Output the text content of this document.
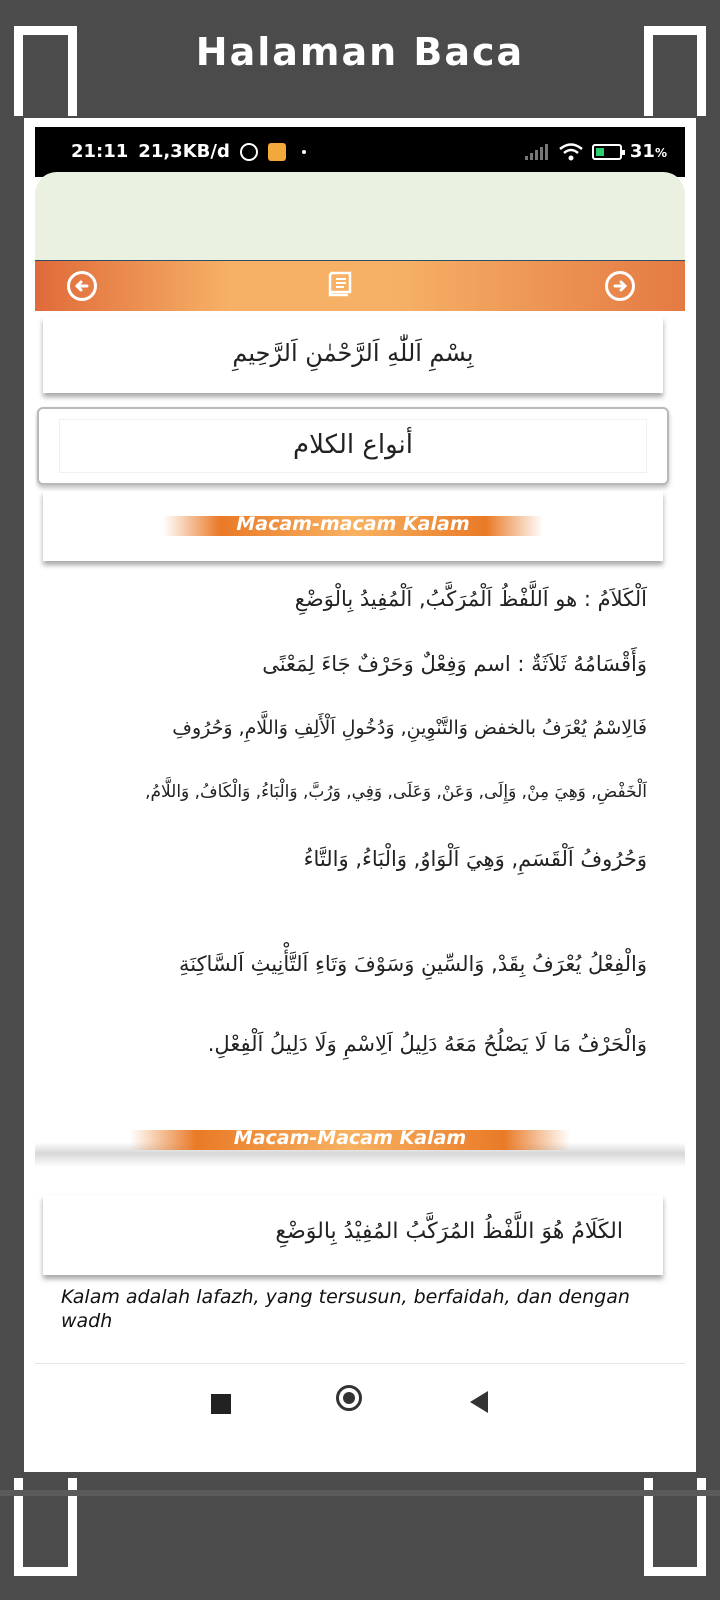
Halaman Baca
21:11 21,3KB/d	31%
بِسْمِ اَللّٰهِ اَلرَّحْمٰنِ اَلرَّحِيمِ
أنواع الكلام
Macam-macam Kalam
اَلْكَلاَمُ : هو اَللَّفْظُ اَلْمُرَكَّبُ, اَلْمُفِيدُ بِالْوَضْعِ
وَأَقْسَامُهُ ثَلاَثَةٌ : اسم وَفِعْلٌ وَحَرْفٌ جَاءَ لِمَعْنًى
فَالِاسْمُ يُعْرَفُ بالخفض وَالتَّنْوِينِ, وَدُخُولِ اَلْأَلِفِ وَاللَّامِ, وَحُرُوفِ
اَلْخَفْضِ, وَهِيَ مِنْ, وَإِلَى, وَعَنْ, وَعَلَى, وَفِي, وَرُبَّ, وَالْبَاءُ, وَالْكَافُ, وَاللَّامُ,
وَحُرُوفُ اَلْقَسَمِ, وَهِيَ اَلْوَاوُ, وَالْبَاءُ, وَالتَّاءُ
وَالْفِعْلُ يُعْرَفُ بِقَدْ, وَالسِّينِ وَسَوْفَ وَتَاءِ اَلتَّأْنِيثِ اَلسَّاكِنَةِ
وَالْحَرْفُ مَا لَا يَصْلُحُ مَعَهُ دَلِيلُ اَلِاسْمِ وَلَا دَلِيلُ اَلْفِعْلِ.
Macam-Macam Kalam
الكَلَامُ هُوَ اللَّفْظُ المُرَكَّبُ المُفِيْدُ بِالوَضْعِ
Kalam adalah lafazh, yang tersusun, berfaidah, dan dengan wadh
